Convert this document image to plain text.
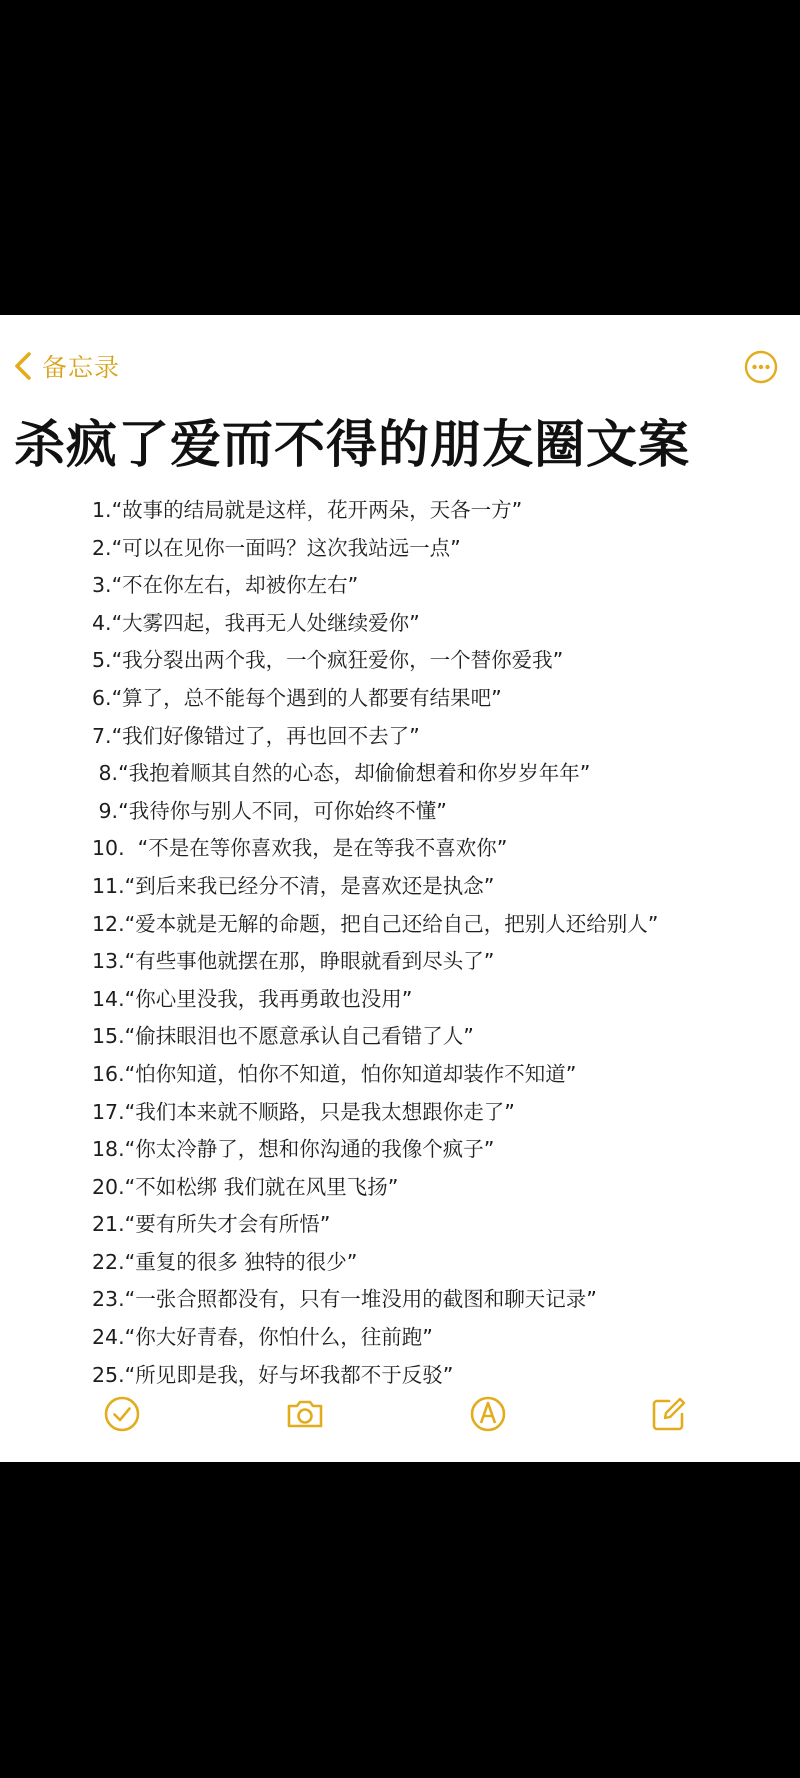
备忘录
杀疯了爱而不得的朋友圈文案
1.“故事的结局就是这样，花开两朵，天各一方”
2.“可以在见你一面吗？这次我站远一点”
3.“不在你左右，却被你左右”
4.“大雾四起，我再无人处继续爱你”
5.“我分裂出两个我，一个疯狂爱你，一个替你爱我”
6.“算了，总不能每个遇到的人都要有结果吧”
7.“我们好像错过了，再也回不去了”
8.“我抱着顺其自然的心态，却偷偷想着和你岁岁年年”
9.“我待你与别人不同，可你始终不懂”
10.  “不是在等你喜欢我，是在等我不喜欢你”
11.“到后来我已经分不清，是喜欢还是执念”
12.“爱本就是无解的命题，把自己还给自己，把别人还给别人”
13.“有些事他就摆在那，睁眼就看到尽头了”
14.“你心里没我，我再勇敢也没用”
15.“偷抹眼泪也不愿意承认自己看错了人”
16.“怕你知道，怕你不知道，怕你知道却装作不知道”
17.“我们本来就不顺路，只是我太想跟你走了”
18.“你太冷静了，想和你沟通的我像个疯子”
20.“不如松绑 我们就在风里飞扬”
21.“要有所失才会有所悟”
22.“重复的很多 独特的很少”
23.“一张合照都没有，只有一堆没用的截图和聊天记录”
24.“你大好青春，你怕什么，往前跑”
25.“所见即是我，好与坏我都不于反驳”
